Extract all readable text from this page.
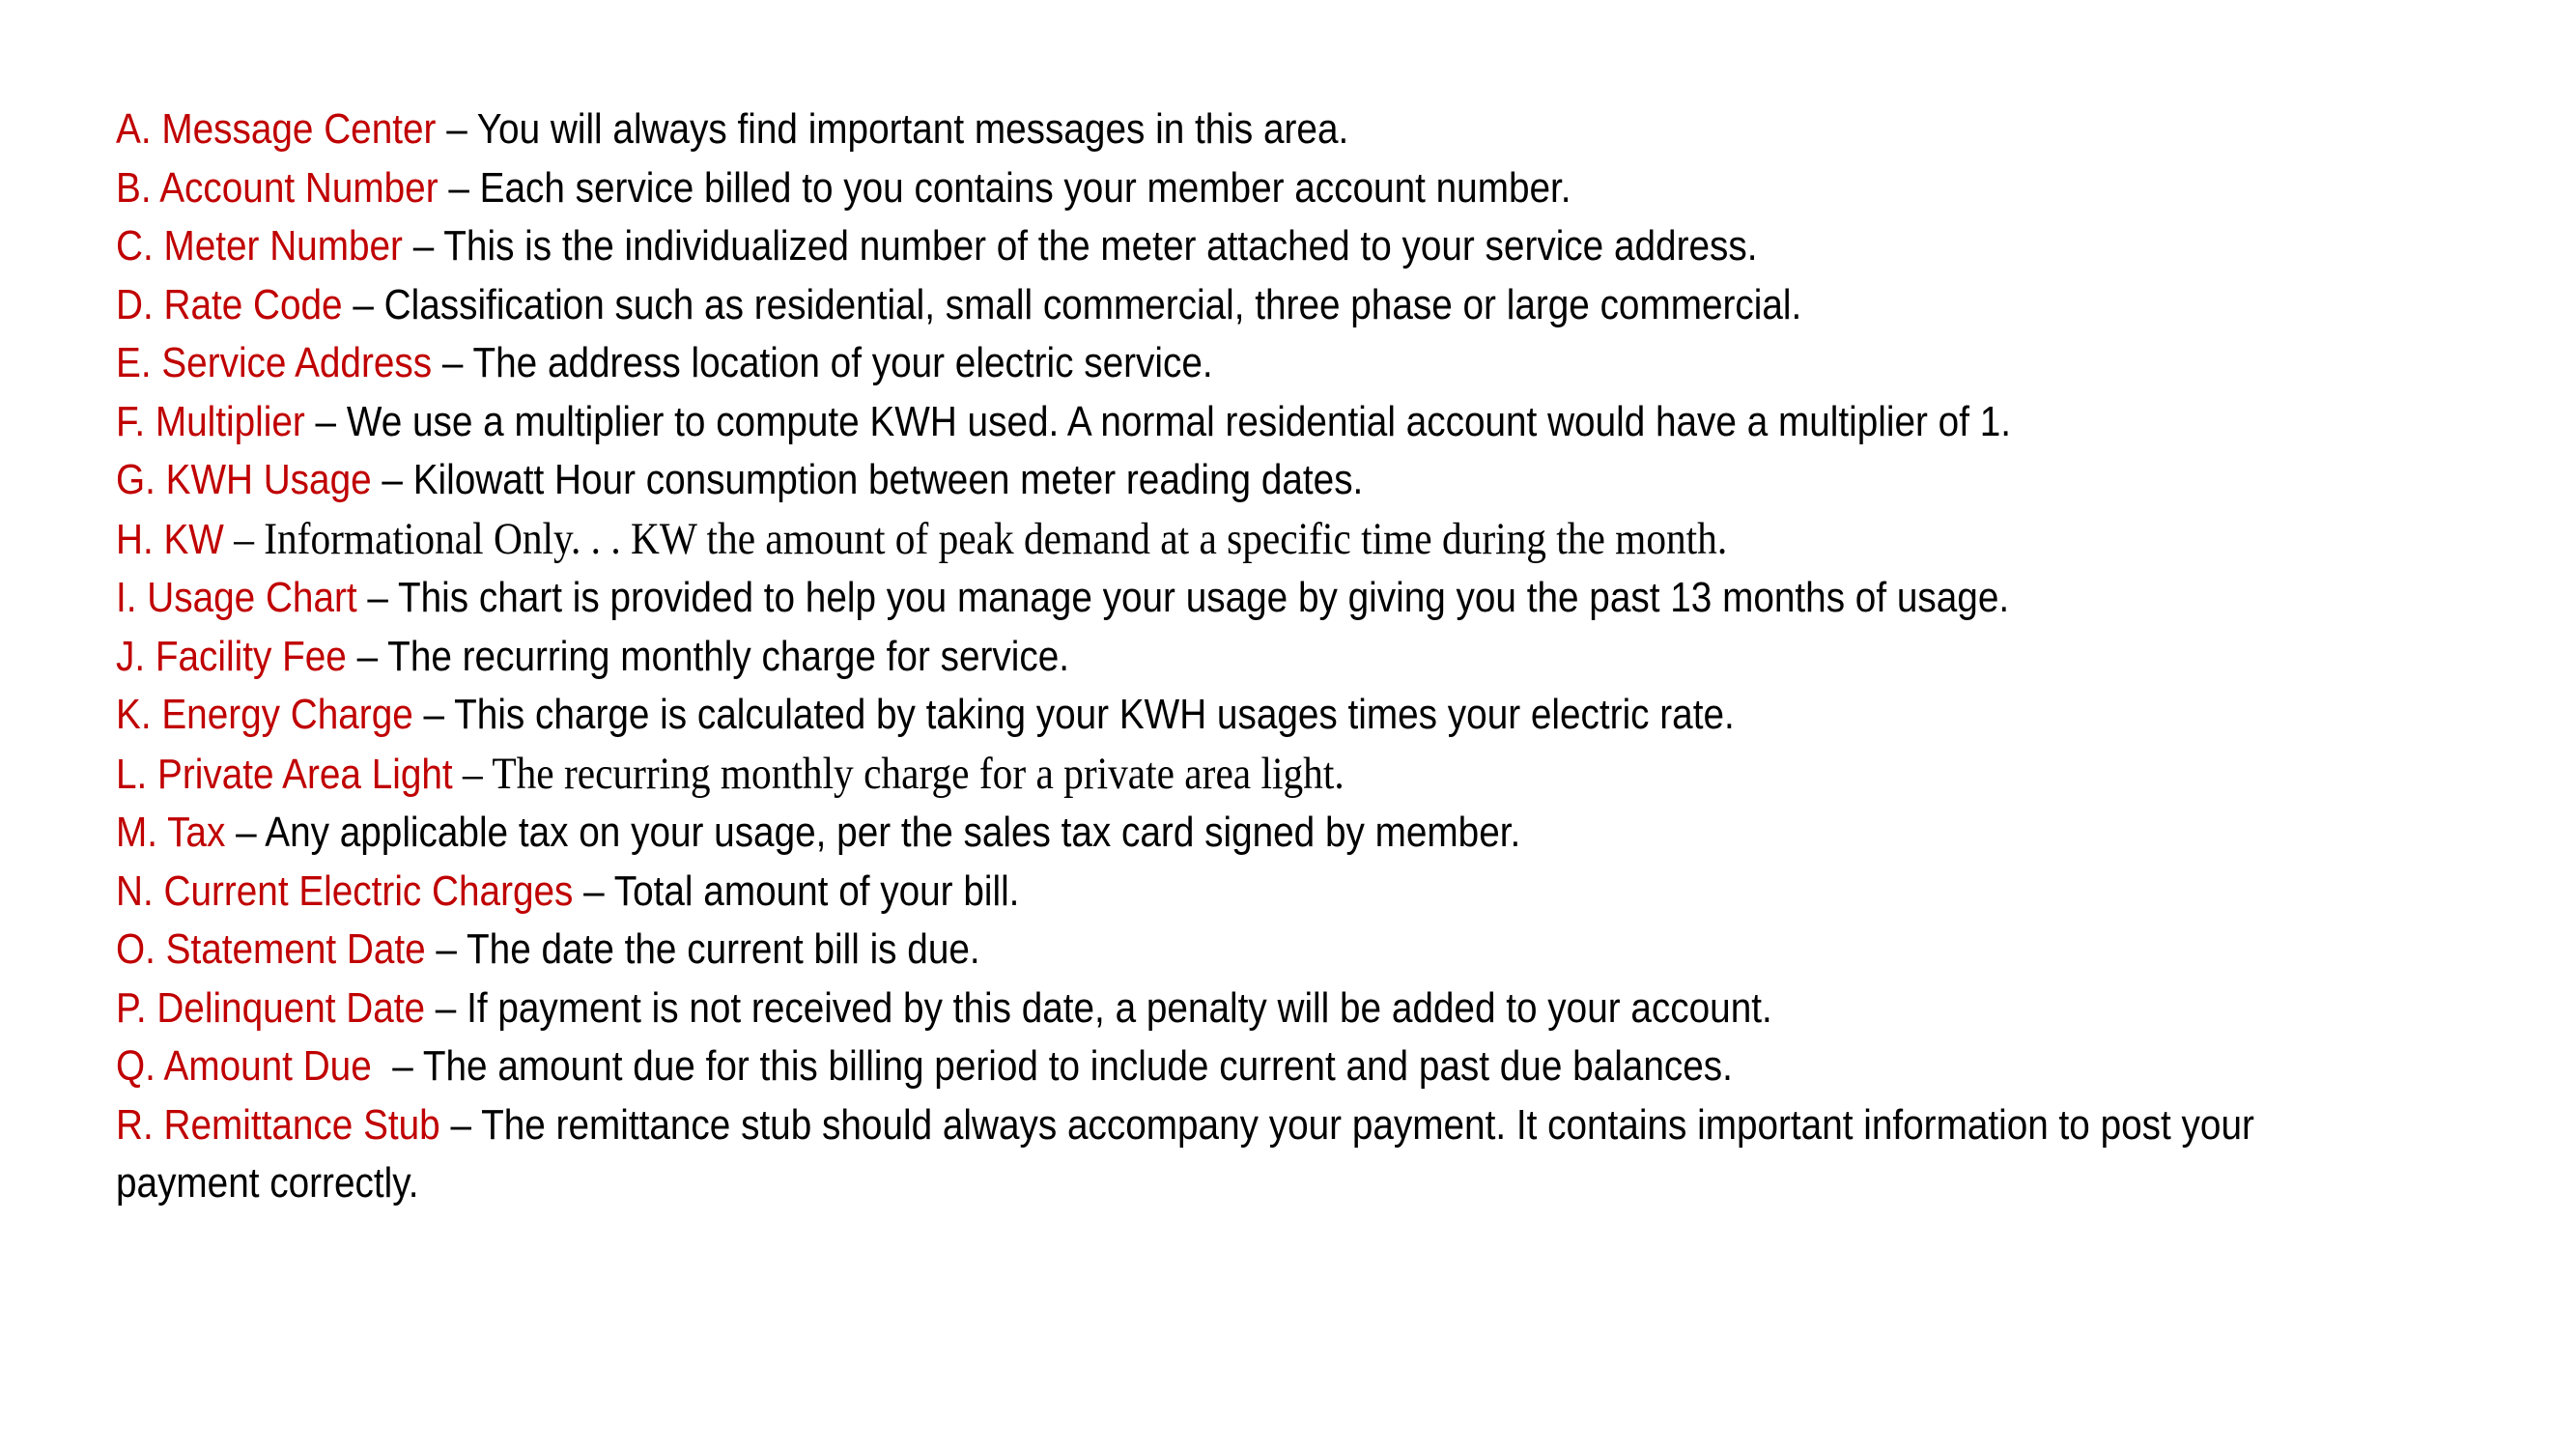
A. Message Center – You will always find important messages in this area.
B. Account Number – Each service billed to you contains your member account number.
C. Meter Number – This is the individualized number of the meter attached to your service address.
D. Rate Code – Classification such as residential, small commercial, three phase or large commercial.
E. Service Address – The address location of your electric service.
F. Multiplier – We use a multiplier to compute KWH used. A normal residential account would have a multiplier of 1.
G. KWH Usage – Kilowatt Hour consumption between meter reading dates.
H. KW – Informational Only. . . KW the amount of peak demand at a specific time during the month.
I. Usage Chart – This chart is provided to help you manage your usage by giving you the past 13 months of usage.
J. Facility Fee – The recurring monthly charge for service.
K. Energy Charge – This charge is calculated by taking your KWH usages times your electric rate.
L. Private Area Light – The recurring monthly charge for a private area light.
M. Tax – Any applicable tax on your usage, per the sales tax card signed by member.
N. Current Electric Charges – Total amount of your bill.
O. Statement Date – The date the current bill is due.
P. Delinquent Date – If payment is not received by this date, a penalty will be added to your account.
Q. Amount Due  – The amount due for this billing period to include current and past due balances.
R. Remittance Stub – The remittance stub should always accompany your payment. It contains important information to post your payment correctly.
